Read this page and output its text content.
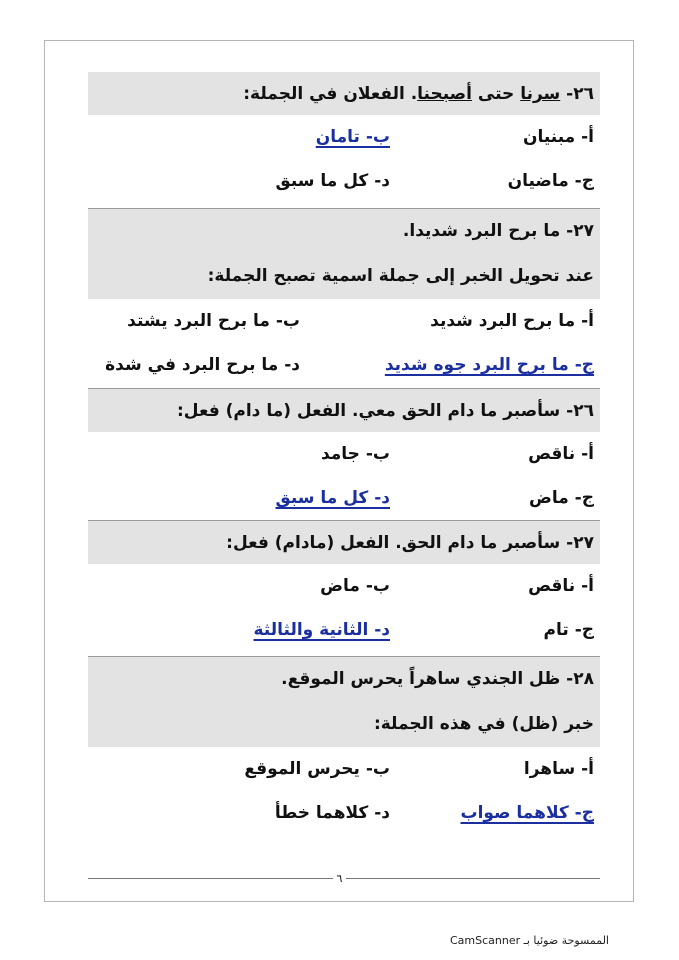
٢٦- سرنا حتى أصبحنا. الفعلان في الجملة:
أ- مبنيان
ب- تامان
ج- ماضيان
د- كل ما سبق
٢٧- ما برح البرد شديدا.
عند تحويل الخبر إلى جملة اسمية تصبح الجملة:
أ- ما برح البرد شديد
ب- ما برح البرد يشتد
ج- ما برح البرد جوه شديد
د- ما برح البرد في شدة
٢٦- سأصبر ما دام الحق معي. الفعل (ما دام) فعل:
أ- ناقص
ب- جامد
ج- ماض
د- كل ما سبق
٢٧- سأصبر ما دام الحق. الفعل (مادام) فعل:
أ- ناقص
ب- ماض
ج- تام
د- الثانية والثالثة
٢٨- ظل الجندي ساهراً يحرس الموقع.
خبر (ظل) في هذه الجملة:
أ- ساهرا
ب- يحرس الموقع
ج- كلاهما صواب
د- كلاهما خطأ
٦
الممسوحة ضوئيا بـ CamScanner
